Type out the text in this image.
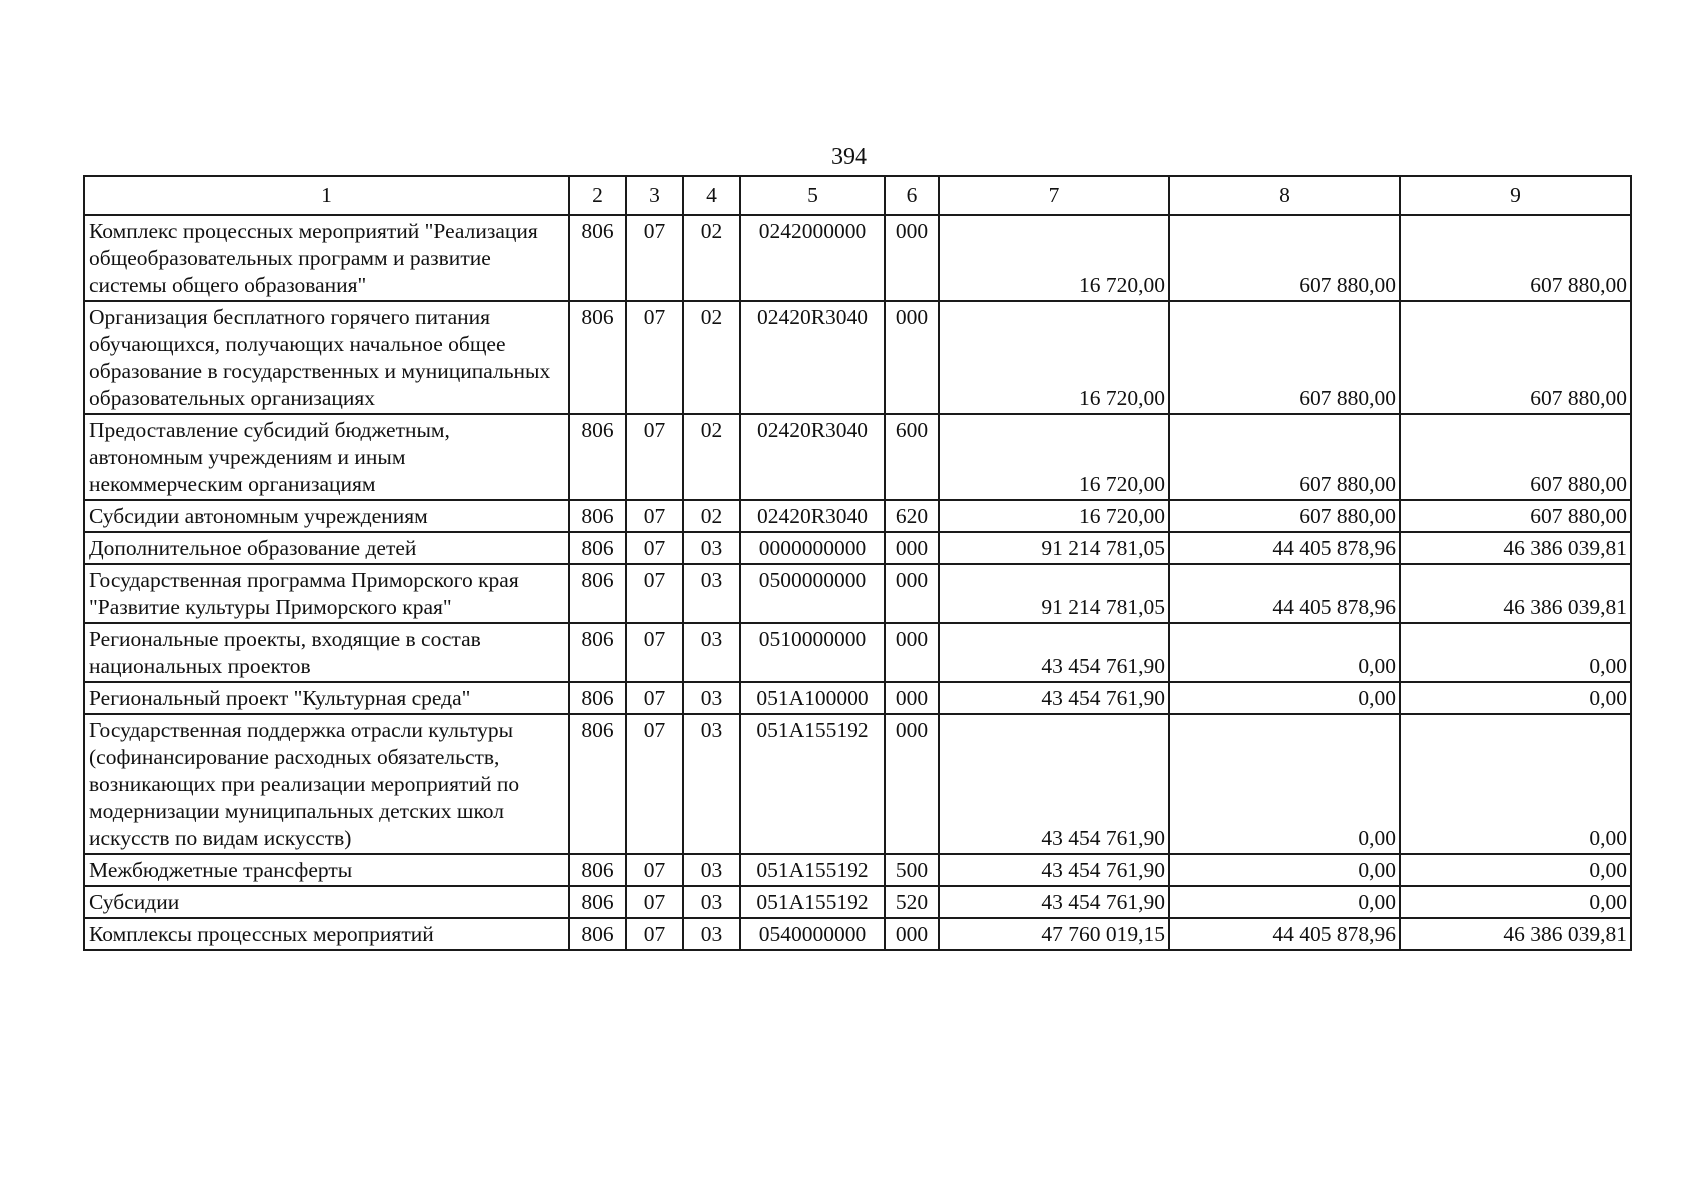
394
1	2	3	4	5	6	7	8	9
Комплекс процессных мероприятий "Реализация общеобразовательных программ и развитие системы общего образования"	806	07	02	0242000000	000	16 720,00	607 880,00	607 880,00
Организация бесплатного горячего питания обучающихся, получающих начальное общее образование в государственных и муниципальных образовательных организациях	806	07	02	02420R3040	000	16 720,00	607 880,00	607 880,00
Предоставление субсидий бюджетным, автономным учреждениям и иным некоммерческим организациям	806	07	02	02420R3040	600	16 720,00	607 880,00	607 880,00
Субсидии автономным учреждениям	806	07	02	02420R3040	620	16 720,00	607 880,00	607 880,00
Дополнительное образование детей	806	07	03	0000000000	000	91 214 781,05	44 405 878,96	46 386 039,81
Государственная программа Приморского края "Развитие культуры Приморского края"	806	07	03	0500000000	000	91 214 781,05	44 405 878,96	46 386 039,81
Региональные проекты, входящие в состав национальных проектов	806	07	03	0510000000	000	43 454 761,90	0,00	0,00
Региональный проект "Культурная среда"	806	07	03	051A100000	000	43 454 761,90	0,00	0,00
Государственная поддержка отрасли культуры (софинансирование расходных обязательств, возникающих при реализации мероприятий по модернизации муниципальных детских школ искусств по видам искусств)	806	07	03	051A155192	000	43 454 761,90	0,00	0,00
Межбюджетные трансферты	806	07	03	051A155192	500	43 454 761,90	0,00	0,00
Субсидии	806	07	03	051A155192	520	43 454 761,90	0,00	0,00
Комплексы процессных мероприятий	806	07	03	0540000000	000	47 760 019,15	44 405 878,96	46 386 039,81
